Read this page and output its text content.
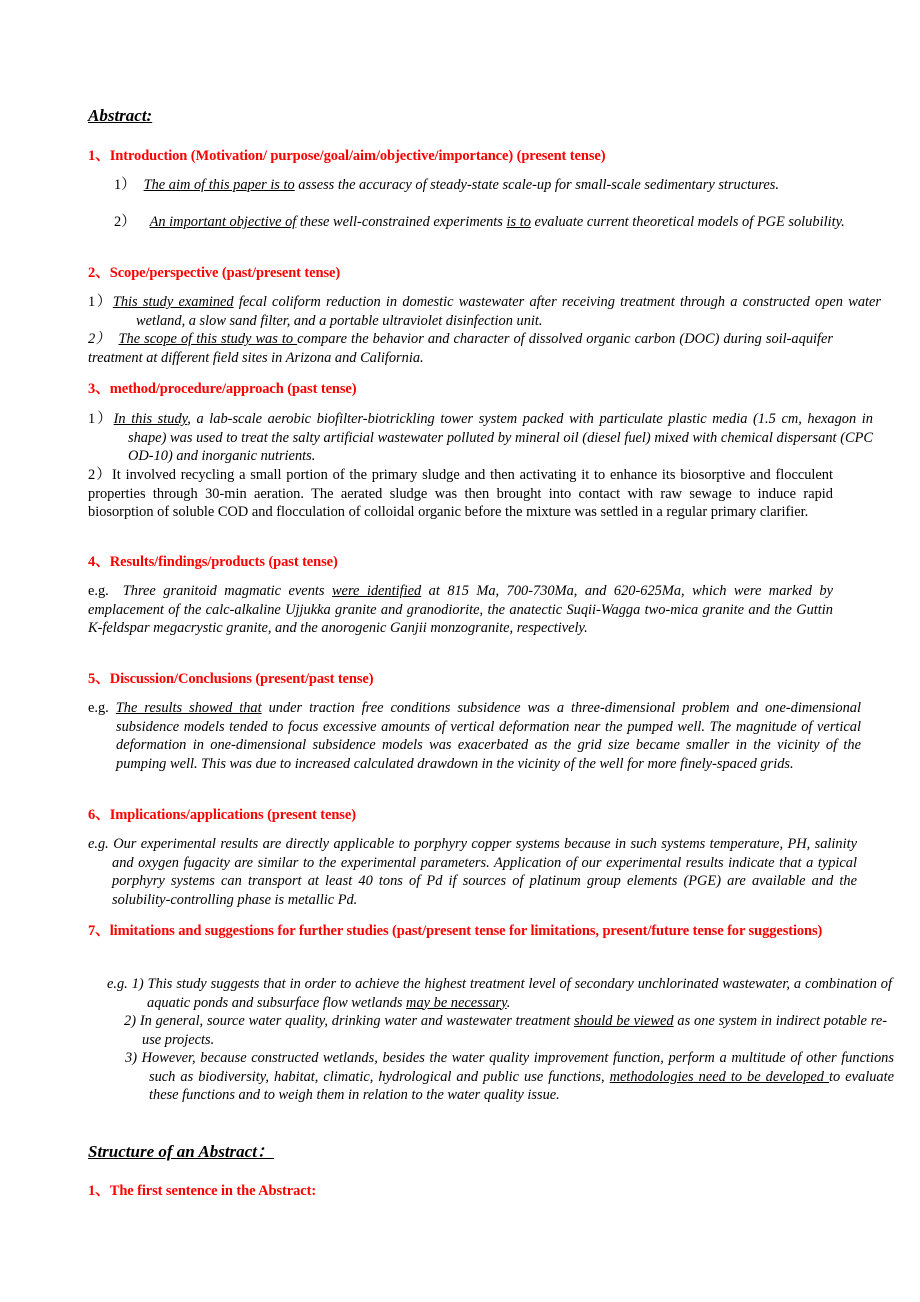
Abstract:
1、Introduction (Motivation/ purpose/goal/aim/objective/importance) (present tense)
1） The aim of this paper is to assess the accuracy of steady-state scale-up for small-scale sedimentary structures.
2） An important objective of these well-constrained experiments is to evaluate current theoretical models of PGE solubility.
2、Scope/perspective (past/present tense)
1）This study examined fecal coliform reduction in domestic wastewater after receiving treatment through a constructed open water wetland, a slow sand filter, and a portable ultraviolet disinfection unit.
2） The scope of this study was to compare the behavior and character of dissolved organic carbon (DOC) during soil-aquifer treatment at different field sites in Arizona and California.
3、method/procedure/approach (past tense)
1）In this study, a lab-scale aerobic biofilter-biotrickling tower system packed with particulate plastic media (1.5 cm, hexagon in shape) was used to treat the salty artificial wastewater polluted by mineral oil (diesel fuel) mixed with chemical dispersant (CPC OD-10) and inorganic nutrients.
2）It involved recycling a small portion of the primary sludge and then activating it to enhance its biosorptive and flocculent properties through 30-min aeration. The aerated sludge was then brought into contact with raw sewage to induce rapid biosorption of soluble COD and flocculation of colloidal organic before the mixture was settled in a regular primary clarifier.
4、Results/findings/products (past tense)
e.g. Three granitoid magmatic events were identified at 815 Ma, 700-730Ma, and 620-625Ma, which were marked by emplacement of the calc-alkaline Ujjukka granite and granodiorite, the anatectic Suqii-Wagga two-mica granite and the Guttin K-feldspar megacrystic granite, and the anorogenic Ganjii monzogranite, respectively.
5、Discussion/Conclusions (present/past tense)
e.g. The results showed that under traction free conditions subsidence was a three-dimensional problem and one-dimensional subsidence models tended to focus excessive amounts of vertical deformation near the pumped well. The magnitude of vertical deformation in one-dimensional subsidence models was exacerbated as the grid size became smaller in the vicinity of the pumping well. This was due to increased calculated drawdown in the vicinity of the well for more finely-spaced grids.
6、Implications/applications (present tense)
e.g. Our experimental results are directly applicable to porphyry copper systems because in such systems temperature, PH, salinity and oxygen fugacity are similar to the experimental parameters. Application of our experimental results indicate that a typical porphyry systems can transport at least 40 tons of Pd if sources of platinum group elements (PGE) are available and the solubility-controlling phase is metallic Pd.
7、limitations and suggestions for further studies (past/present tense for limitations, present/future tense for suggestions)
e.g. 1) This study suggests that in order to achieve the highest treatment level of secondary unchlorinated wastewater, a combination of aquatic ponds and subsurface flow wetlands may be necessary.
2) In general, source water quality, drinking water and wastewater treatment should be viewed as one system in indirect potable re-use projects.
3) However, because constructed wetlands, besides the water quality improvement function, perform a multitude of other functions such as biodiversity, habitat, climatic, hydrological and public use functions, methodologies need to be developed to evaluate these functions and to weigh them in relation to the water quality issue.
Structure of an Abstract：
1、The first sentence in the Abstract:
